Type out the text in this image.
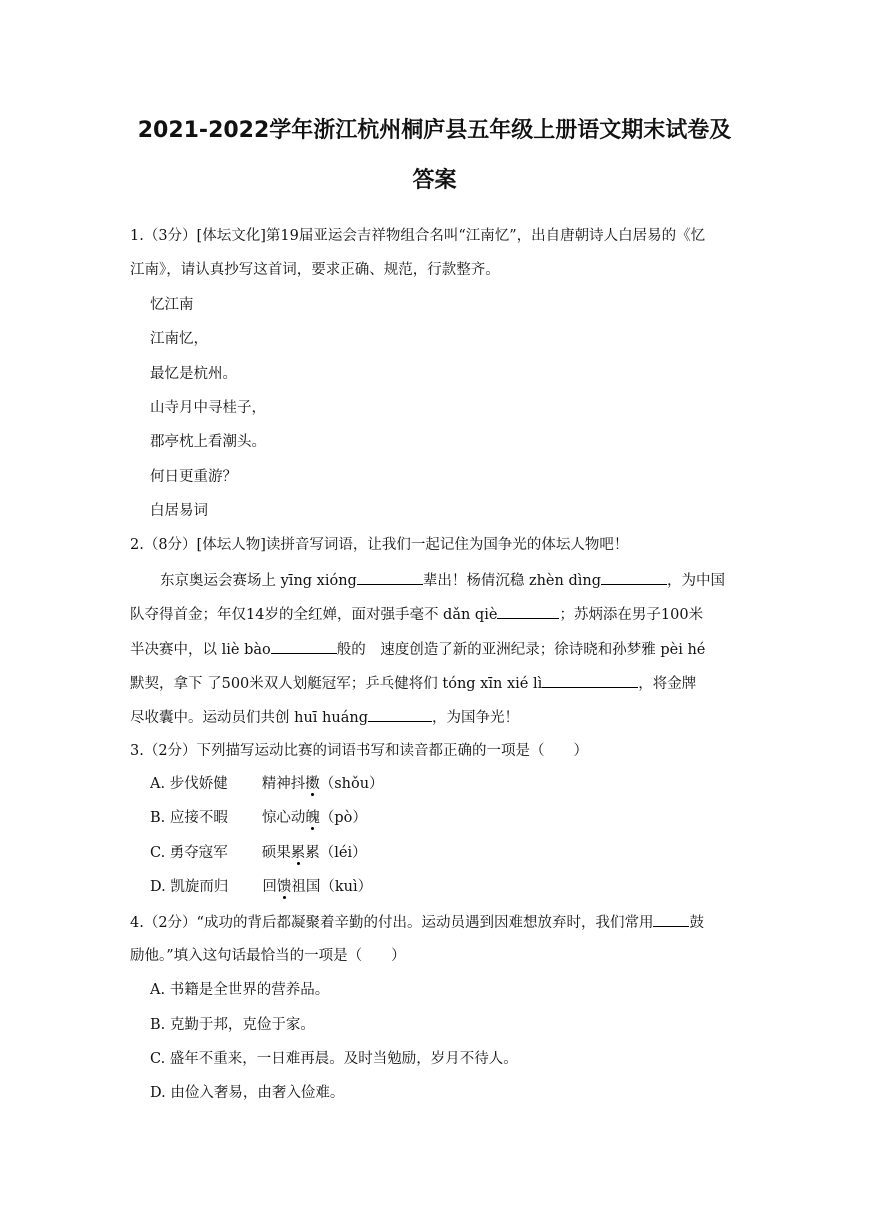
2021-2022学年浙江杭州桐庐县五年级上册语文期末试卷及
答案
1.（3分）[体坛文化]第19届亚运会吉祥物组合名叫“江南忆”，出自唐朝诗人白居易的《忆
江南》，请认真抄写这首词，要求正确、规范，行款整齐。
忆江南
江南忆，
最忆是杭州。
山寺月中寻桂子，
郡亭枕上看潮头。
何日更重游？
白居易词
2.（8分）[体坛人物]读拼音写词语，让我们一起记住为国争光的体坛人物吧！
东京奥运会赛场上 yīng xióng	辈出！杨倩沉稳 zhèn dìng	，为中国
队夺得首金；年仅14岁的全红婵，面对强手毫不 dǎn qiè	；苏炳添在男子100米
半决赛中，以 liè bào	般的　速度创造了新的亚洲纪录；徐诗晓和孙梦雅 pèi hé
默契，拿下 了500米双人划艇冠军；乒乓健将们 tóng xīn xié lì	，将金牌
尽收囊中。运动员们共创 huī huáng	，为国争光！
3.（2分）下列描写运动比赛的词语书写和读音都正确的一项是（　　）
A. 步伐娇健 精神抖擞（shǒu）
B. 应接不暇 惊心动魄（pò）
C. 勇夺寇军 硕果累累（léi）
D. 凯旋而归 回馈祖国（kuì）
4.（2分）“成功的背后都凝聚着辛勤的付出。运动员遇到因难想放弃时，我们常用 鼓
励他。”填入这句话最恰当的一项是（　　）
A. 书籍是全世界的营养品。
B. 克勤于邦，克俭于家。
C. 盛年不重来，一日难再晨。及时当勉励，岁月不待人。
D. 由俭入奢易，由奢入俭难。
